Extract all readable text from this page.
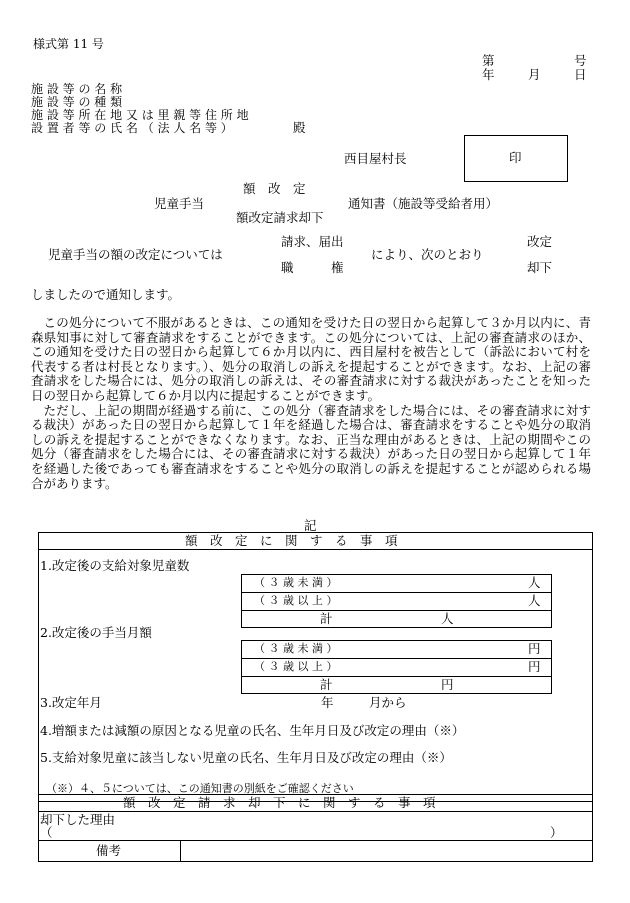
様式第 11 号
第	号
年	月	日
施 設 等 の 名 称
施 設 等 の 種 類
施 設 等 所 在 地 又 は 里 親 等 住 所 地
設 置 者 等 の 氏 名 （ 法 人 名 等 ）	殿
西目屋村長	印
額　改　定
児童手当	通知書（施設等受給者用）
額改定請求却下
請求、届出	改定
児童手当の額の改定については	により、次のとおり
職　　　権	却下
しましたので通知します。

この処分について不服があるときは、この通知を受けた日の翌日から起算して３か月以内に、青森県知事に対して審査請求をすることができます。この処分については、上記の審査請求のほか、この通知を受けた日の翌日から起算して６か月以内に、西目屋村を被告として（訴訟において村を代表する者は村長となります。）、処分の取消しの訴えを提起することができます。なお、上記の審査請求をした場合には、処分の取消しの訴えは、その審査請求に対する裁決があったことを知った日の翌日から起算して６か月以内に提起することができます。

ただし、上記の期間が経過する前に、この処分（審査請求をした場合には、その審査請求に対する裁決）があった日の翌日から起算して１年を経過した場合は、審査請求をすることや処分の取消しの訴えを提起することができなくなります。なお、正当な理由があるときは、上記の期間やこの処分（審査請求をした場合には、その審査請求に対する裁決）があった日の翌日から起算して１年を経過した後であっても審査請求をすることや処分の取消しの訴えを提起することが認められる場合があります。

記
額　改　定　に　関　す　る　事　項
1.改定後の支給対象児童数
（ ３ 歳 未 満 ）	人
（ ３ 歳 以 上 ）	人
計	人
2.改定後の手当月額
（ ３ 歳 未 満 ）	円
（ ３ 歳 以 上 ）	円
計	円
3.改定年月	年	月から
4.増額または減額の原因となる児童の氏名、生年月日及び改定の理由（※）
5.支給対象児童に該当しない児童の氏名、生年月日及び改定の理由（※）
（※）４、５については、この通知書の別紙をご確認ください
額　改　定　請　求　却　下　に　関　す　る　事　項
却下した理由
（	）
備考
